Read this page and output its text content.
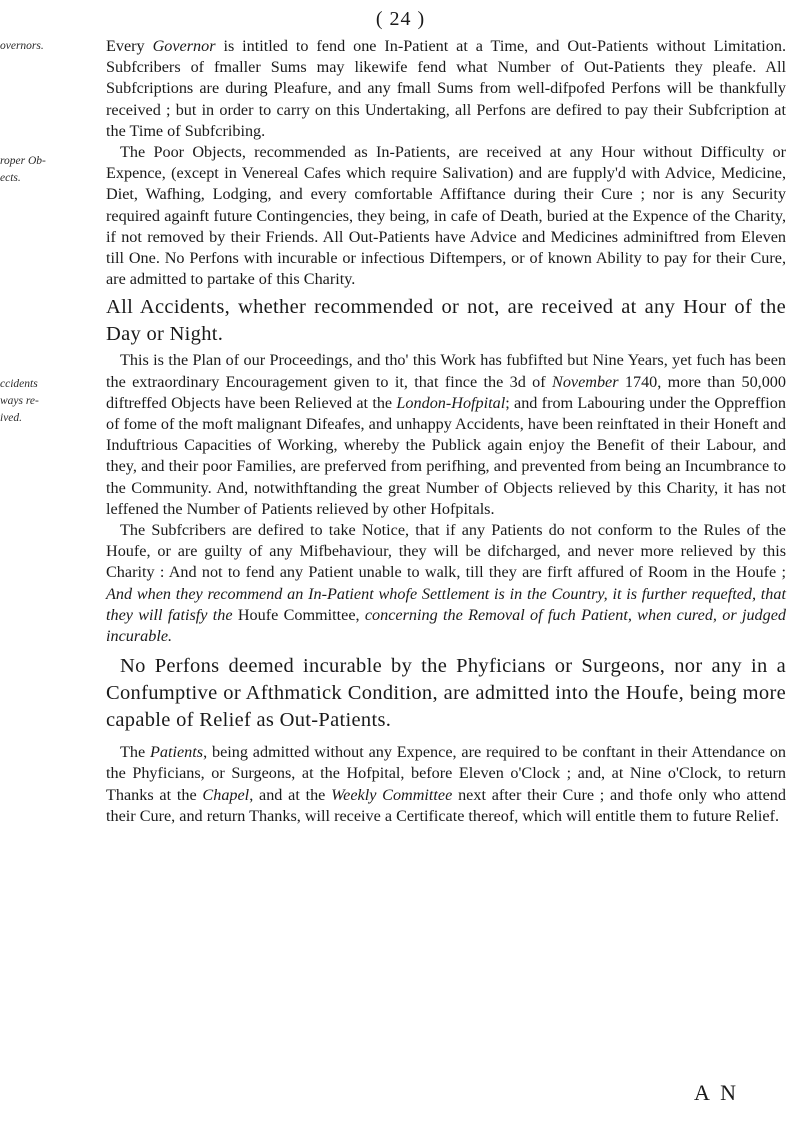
( 24 )
overnors.
roper Ob-
ects.
ccidents
ways re-
ived.

Every Governor is intitled to fend one In-Patient at a Time, and Out-Patients without Limitation. Subfcribers of fmaller Sums may likewife fend what Number of Out-Patients they pleafe. All Subfcriptions are during Pleafure, and any fmall Sums from well-difpofed Perfons will be thankfully received ; but in order to carry on this Undertaking, all Perfons are defired to pay their Subfcription at the Time of Subfcribing.

The Poor Objects, recommended as In-Patients, are received at any Hour without Difficulty or Expence, (except in Venereal Cafes which require Salivation) and are fupply'd with Advice, Medicine, Diet, Wafhing, Lodging, and every comfortable Affiftance during their Cure ; nor is any Security required againft future Contingencies, they being, in cafe of Death, buried at the Expence of the Charity, if not removed by their Friends. All Out-Patients have Advice and Medicines adminiftred from Eleven till One. No Perfons with incurable or infectious Diftempers, or of known Ability to pay for their Cure, are admitted to partake of this Charity.

All Accidents, whether recommended or not, are received at any Hour of the Day or Night.

This is the Plan of our Proceedings, and tho' this Work has fubfifted but Nine Years, yet fuch has been the extraordinary Encouragement given to it, that fince the 3d of November 1740, more than 50,000 diftreffed Objects have been Relieved at the London-Hofpital; and from Labouring under the Oppreffion of fome of the moft malignant Difeafes, and unhappy Accidents, have been reinftated in their Honeft and Induftrious Capacities of Working, whereby the Publick again enjoy the Benefit of their Labour, and they, and their poor Families, are preferved from perifhing, and prevented from being an Incumbrance to the Community. And, notwithftanding the great Number of Objects relieved by this Charity, it has not leffened the Number of Patients relieved by other Hofpitals.

The Subfcribers are defired to take Notice, that if any Patients do not conform to the Rules of the Houfe, or are guilty of any Mifbehaviour, they will be difcharged, and never more relieved by this Charity : And not to fend any Patient unable to walk, till they are firft affured of Room in the Houfe ; And when they recommend an In-Patient whofe Settlement is in the Country, it is further requefted, that they will fatisfy the Houfe Committee, concerning the Removal of fuch Patient, when cured, or judged incurable.

No Perfons deemed incurable by the Phyficians or Surgeons, nor any in a Confumptive or Afthmatick Condition, are admitted into the Houfe, being more capable of Relief as Out-Patients.

The Patients, being admitted without any Expence, are required to be conftant in their Attendance on the Phyficians, or Surgeons, at the Hofpital, before Eleven o'Clock ; and, at Nine o'Clock, to return Thanks at the Chapel, and at the Weekly Committee next after their Cure ; and thofe only who attend their Cure, and return Thanks, will receive a Certificate thereof, which will entitle them to future Relief.

A N
